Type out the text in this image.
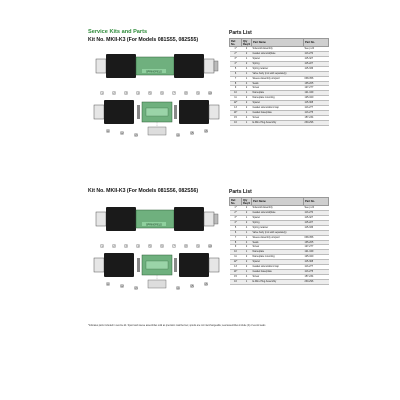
Service Kits and Parts
Kit No. MKII-K3 (For Models 081S55, 082S55)
SPRINGFIELD
1	2	3	4	5	6	7	8	9	10
11
12
13	14
15
16
Parts List
Ref. No.	Qty Req'd	Part Name	Part No.
1*	2	Solenoid Assembly	See p.24
2*	2	Gasket solenoid/plate	113-270
3*	1	Spacer	115-327
4*	2	Spring	115-227
5	4	Spring retainer	115-336
6	1	Valve body (not sold separately)	
7	1	Sleeve Assembly w/spool	038-356
8	4	Seals	135-205
9	2	Screw	127-277
10	1	Nameplate	121-349
11	2	Nameplate mounting	125-320
12*	2	Spacer	115-308
13	2	Gasket solenoid/end cap	113-277
14*	1	Gasket base/plate	113-275
15	4	Screw	157-234
16	1	E-Wire Plug Assembly	230-296
Kit No. MKII-K3 (For Models 081S56, 082S56)
SPRINGFIELD
1	2	3	4	5	6	7	8	9	10
11
12
13	14
15
16
Parts List
Ref. No.	Qty Req'd	Part Name	Part No.
1*	2	Solenoid Assembly	See p.24
2*	2	Gasket solenoid/plate	113-270
3*	1	Spacer	115-327
4*	2	Spring	115-227
5	4	Spring retainer	115-336
6	1	Valve body (not sold separately)	
7	1	Sleeve Assembly w/spool	038-356
8	4	Seals	135-205
9	2	Screw	127-277
10	1	Nameplate	121-349
11	2	Nameplate mounting	125-320
12*	2	Spacer	115-308
13	2	Gasket solenoid/end cap	113-277
14*	1	Gasket base/plate	113-275
15	4	Screw	157-234
16	1	E-Wire Plug Assembly	230-296
*Indicates parts included in service kit. Spool and sleeve assemblies sold as precision matched set; spools are not interchangeable; seal assemblies include (4) of ea std seals
